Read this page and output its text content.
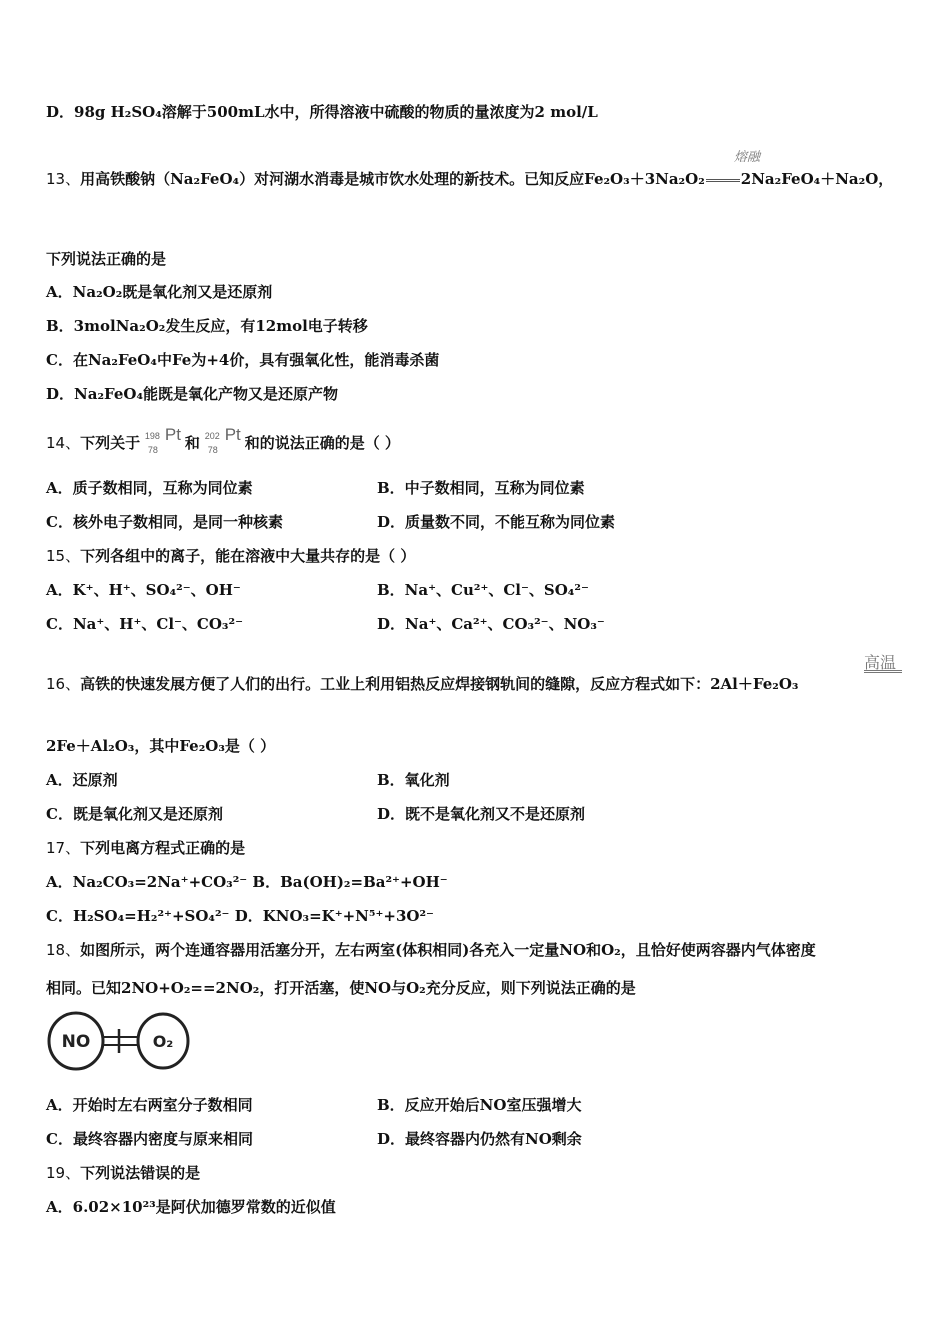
D．98g H₂SO₄溶解于500mL水中，所得溶液中硫酸的物质的量浓度为2 mol/L
13、用高铁酸钠（Na₂FeO₄）对河湖水消毒是城市饮水处理的新技术。已知反应Fe₂O₃＋3Na₂O₂ 2Na₂FeO₄＋Na₂O，
熔融
下列说法正确的是
A．Na₂O₂既是氧化剂又是还原剂
B．3molNa₂O₂发生反应，有12mol电子转移
C．在Na₂FeO₄中Fe为+4价，具有强氧化性，能消毒杀菌
D．Na₂FeO₄能既是氧化产物又是还原产物
14、下列关于 198
78
Pt 和 202
78
Pt 和的说法正确的是（ ）
A．质子数相同，互称为同位素	B．中子数相同，互称为同位素
C．核外电子数相同，是同一种核素	D．质量数不同，不能互称为同位素
15、下列各组中的离子，能在溶液中大量共存的是（ ）
A．K⁺、H⁺、SO₄²⁻、OH⁻	B．Na⁺、Cu²⁺、Cl⁻、SO₄²⁻
C．Na⁺、H⁺、Cl⁻、CO₃²⁻	D．Na⁺、Ca²⁺、CO₃²⁻、NO₃⁻
16、高铁的快速发展方便了人们的出行。工业上利用铝热反应焊接钢轨间的缝隙，反应方程式如下：2Al＋Fe₂O₃
高温
2Fe＋Al₂O₃，其中Fe₂O₃是（ ）
A．还原剂	B．氧化剂
C．既是氧化剂又是还原剂	D．既不是氧化剂又不是还原剂
17、下列电离方程式正确的是
A．Na₂CO₃=2Na⁺+CO₃²⁻ B．Ba(OH)₂=Ba²⁺+OH⁻
C．H₂SO₄=H₂²⁺+SO₄²⁻ D．KNO₃=K⁺+N⁵⁺+3O²⁻
18、如图所示，两个连通容器用活塞分开，左右两室(体积相同)各充入一定量NO和O₂，且恰好使两容器内气体密度
相同。已知2NO+O₂==2NO₂，打开活塞，使NO与O₂充分反应，则下列说法正确的是
NO	O₂
A．开始时左右两室分子数相同	B．反应开始后NO室压强增大
C．最终容器内密度与原来相同	D．最终容器内仍然有NO剩余
19、下列说法错误的是
A．6.02×10²³是阿伏加德罗常数的近似值
